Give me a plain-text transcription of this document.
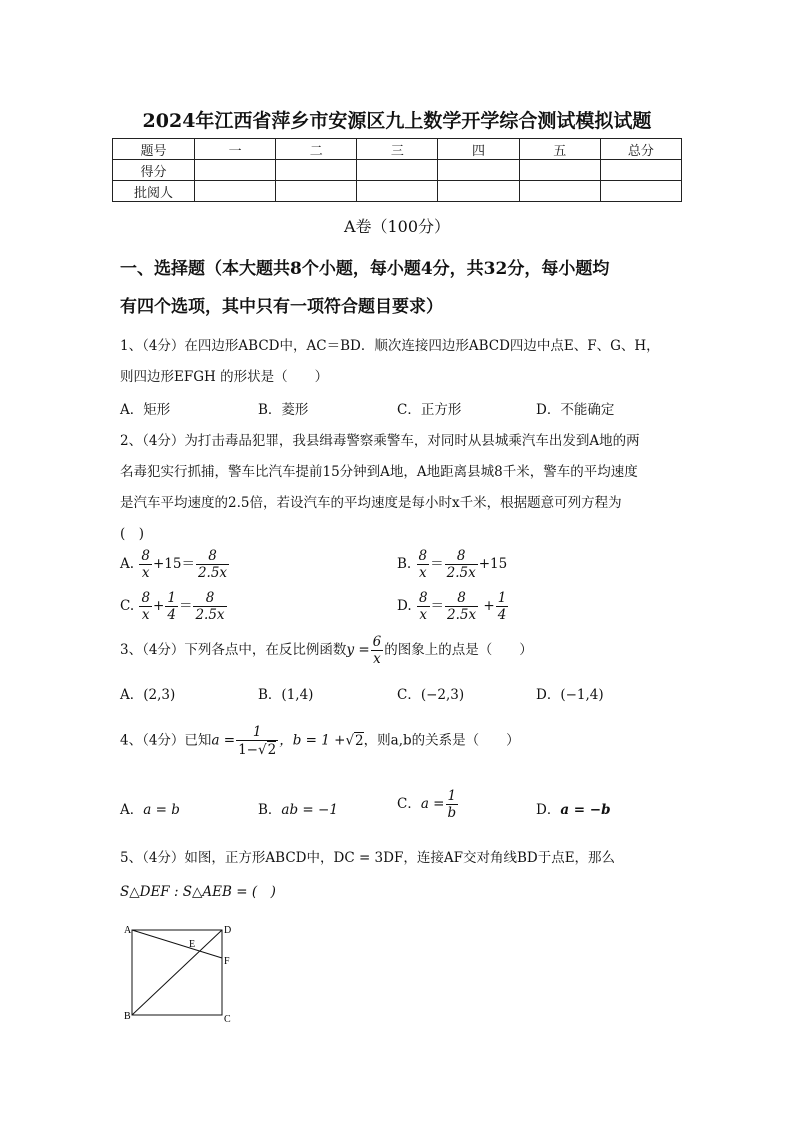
2024年江西省萍乡市安源区九上数学开学综合测试模拟试题
题号	一	二	三	四	五	总分
得分						
批阅人						
A卷（100分）
一、选择题（本大题共8个小题，每小题4分，共32分，每小题均
有四个选项，其中只有一项符合题目要求）
1、（4分）在四边形ABCD中，AC＝BD．顺次连接四边形ABCD四边中点E、F、G、H，
则四边形EFGH 的形状是（　　）
A．矩形	B．菱形	C．正方形	D．不能确定
2、（4分）为打击毒品犯罪，我县缉毒警察乘警车，对同时从县城乘汽车出发到A地的两
名毒犯实行抓捕，警车比汽车提前15分钟到A地，A地距离县城8千米，警车的平均速度
是汽车平均速度的2.5倍，若设汽车的平均速度是每小时x千米，根据题意可列方程为
(　)
A. $\frac{8}{x} +15= \frac{8}{2.5x}$	B. $\frac{8}{x} = \frac{8}{2.5x} +15$
C. $\frac{8}{x} + \frac{1}{4} = \frac{8}{2.5x}$	D. $\frac{8}{x} = \frac{8}{2.5x} + \frac{1}{4}$
3、（4分）下列各点中，在反比例函数$y = \frac{6}{x}$ 的图象上的点是（　　）
A．(2,3)	B．(1,4)	C．(−2,3)	D．(−1,4)
4、（4分）已知$a = \frac{1}{1-√2}$ ，b = 1 +√2，则a,b的关系是（　　）
A．a = b	B．ab = −1	C．$a = \frac{1}{b}$	D．a = −b
5、（4分）如图，正方形ABCD中，DC = 3DF，连接AF交对角线BD于点E，那么
S△DEF : S△AEB = (　)
A	D
E
F
B	C
